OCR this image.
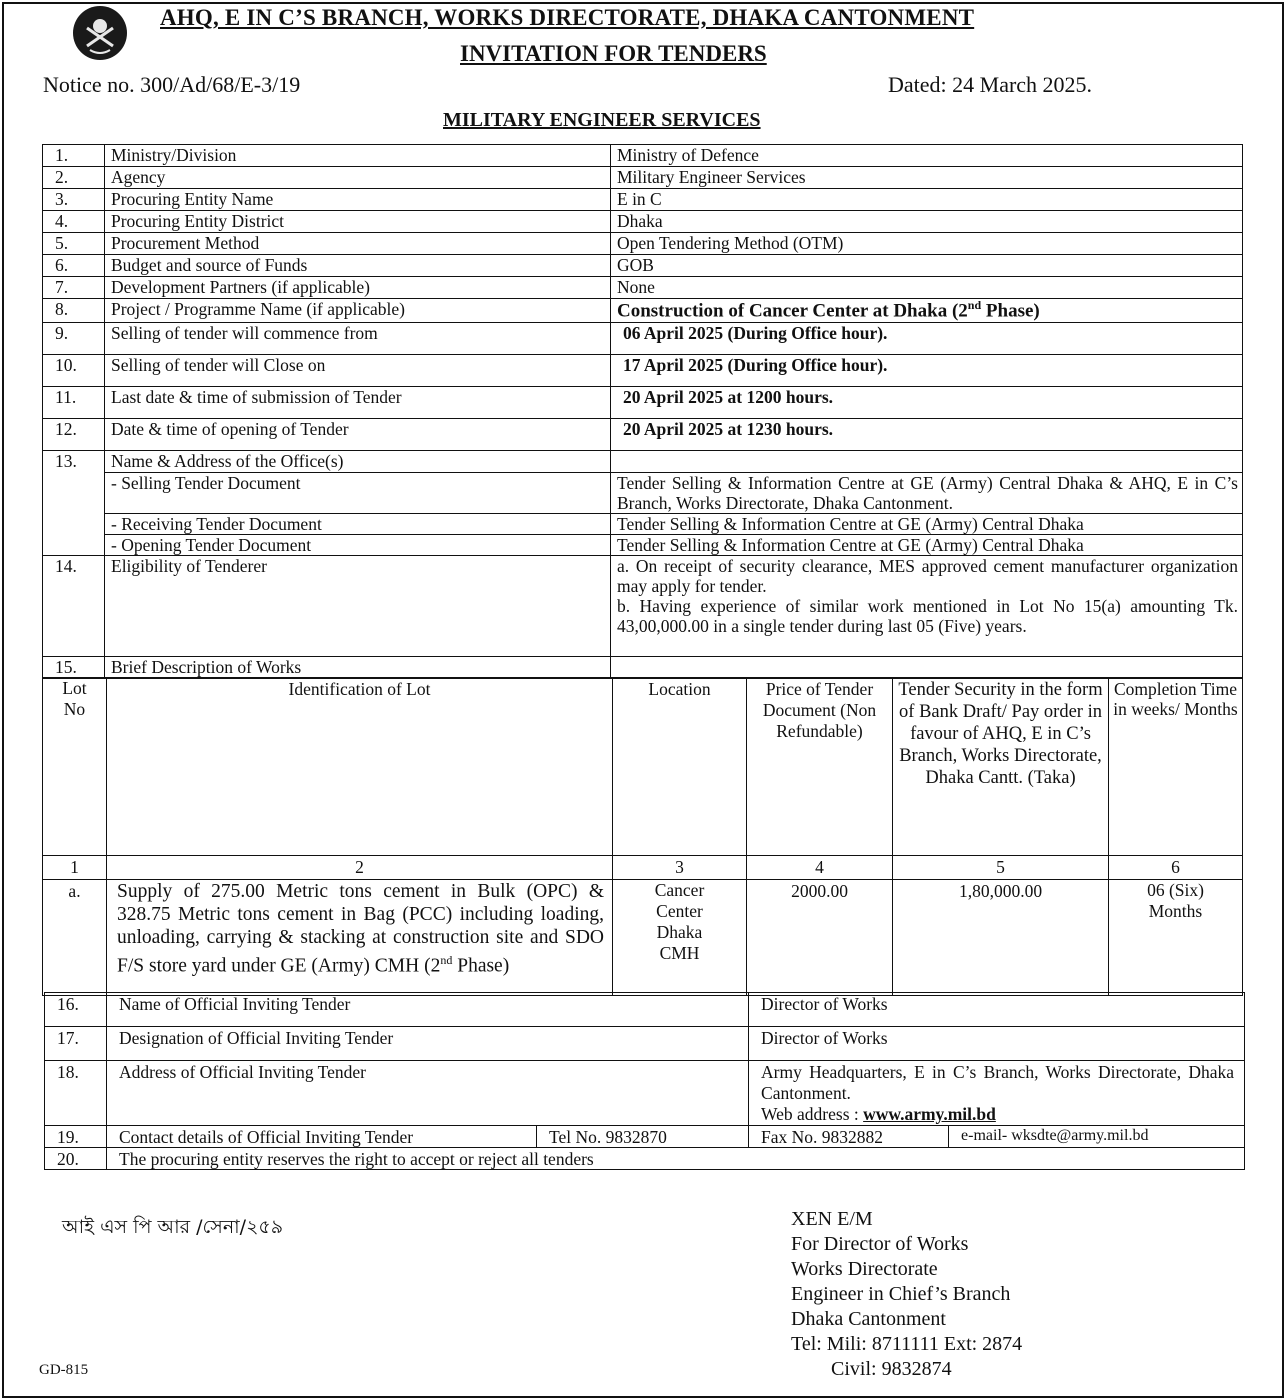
AHQ, E IN C’S BRANCH, WORKS DIRECTORATE, DHAKA CANTONMENT
INVITATION FOR TENDERS
Notice no. 300/Ad/68/E-3/19	Dated: 24 March 2025.
MILITARY ENGINEER SERVICES
1.	Ministry/Division	Ministry of Defence
2.	Agency	Military Engineer Services
3.	Procuring Entity Name	E in C
4.	Procuring Entity District	Dhaka
5.	Procurement Method	Open Tendering Method (OTM)
6.	Budget and source of Funds	GOB
7.	Development Partners (if applicable)	None
8.	Project / Programme Name (if applicable)	Construction of Cancer Center at Dhaka (2nd Phase)
9.	Selling of tender will commence from	06 April 2025 (During Office hour).
10.	Selling of tender will Close on	17 April 2025 (During Office hour).
11.	Last date & time of submission of Tender	20 April 2025 at 1200 hours.
12.	Date & time of opening of Tender	20 April 2025 at 1230 hours.
13.	Name & Address of the Office(s)	
	- Selling Tender Document	Tender Selling & Information Centre at GE (Army) Central Dhaka & AHQ, E in C’s Branch, Works Directorate, Dhaka Cantonment.
	- Receiving Tender Document	Tender Selling & Information Centre at GE (Army) Central Dhaka
	- Opening Tender Document	Tender Selling & Information Centre at GE (Army) Central Dhaka
14.	Eligibility of Tenderer	a. On receipt of security clearance, MES approved cement manufacturer organization may apply for tender.
b. Having experience of similar work mentioned in Lot No 15(a) amounting Tk. 43,00,000.00 in a single tender during last 05 (Five) years.

15.	Brief Description of Works	
Lot No	Identification of Lot	Location	Price of Tender Document (Non Refundable)	Tender Security in the form of Bank Draft/ Pay order in favour of AHQ, E in C’s Branch, Works Directorate, Dhaka Cantt. (Taka)	Completion Time in weeks/ Months
1	2	3	4	5	6
a.	Supply of 275.00 Metric tons cement in Bulk (OPC) & 328.75 Metric tons cement in Bag (PCC) including loading, unloading, carrying & stacking at construction site and SDO F/S store yard under GE (Army) CMH (2nd Phase)	Cancer Center Dhaka CMH	2000.00	1,80,000.00	06 (Six) Months
16.	Name of Official Inviting Tender		Director of Works	
17.	Designation of Official Inviting Tender		Director of Works	
18.	Address of Official Inviting Tender		Army Headquarters, E in C’s Branch, Works Directorate, Dhaka Cantonment.
Web address : www.army.mil.bd	

19.	Contact details of Official Inviting Tender	Tel No. 9832870	Fax No. 9832882	e-mail- wksdte@army.mil.bd
20.	The procuring entity reserves the right to accept or reject all tenders			
আই এস পি আর /সেনা/২৫৯	XEN E/M
For Director of Works
Works Directorate
Engineer in Chief’s Branch
Dhaka Cantonment
Tel: Mili: 8711111 Ext: 2874
Civil: 9832874
GD-815
